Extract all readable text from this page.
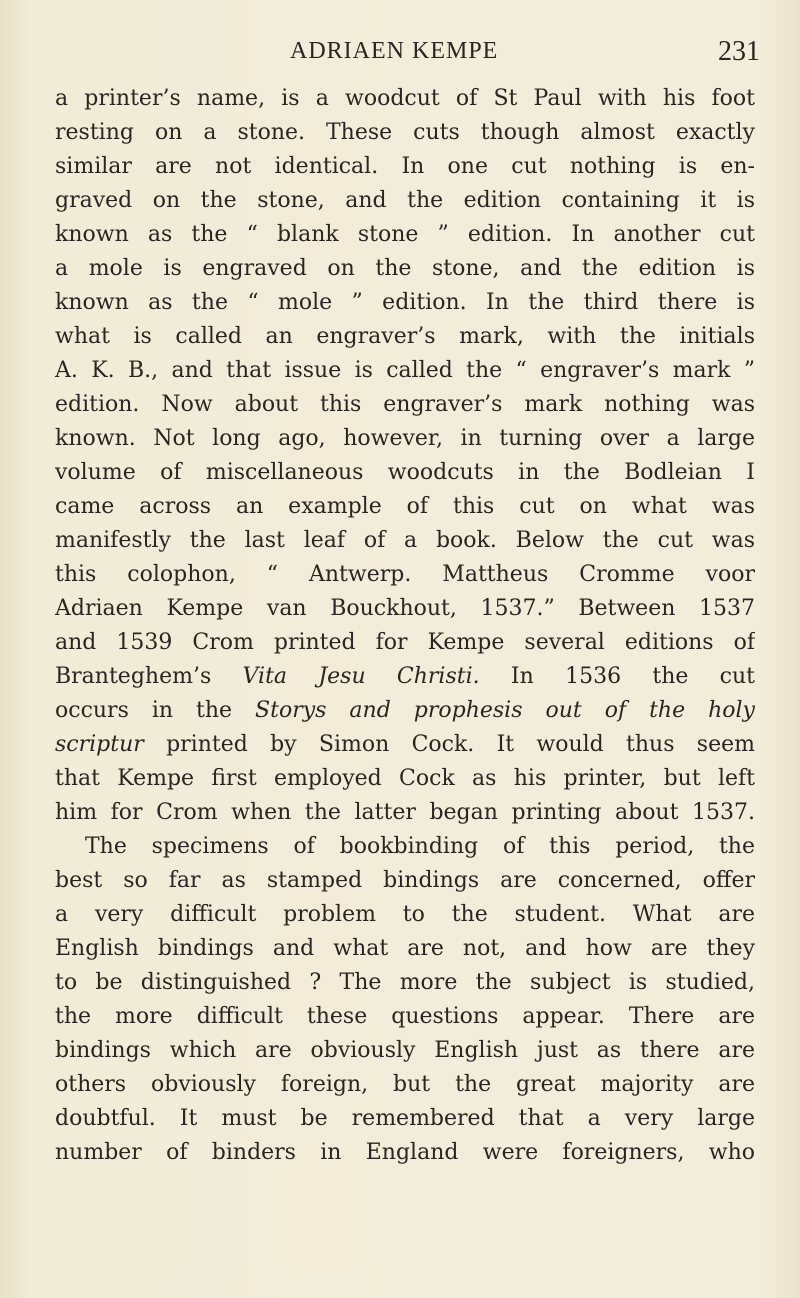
ADRIAEN KEMPE	231
a printer’s name, is a woodcut of St Paul with his foot
resting on a stone. These cuts though almost exactly
similar are not identical. In one cut nothing is en-
graved on the stone, and the edition containing it is
known as the “ blank stone ” edition. In another cut
a mole is engraved on the stone, and the edition is
known as the “ mole ” edition. In the third there is
what is called an engraver’s mark, with the initials
A. K. B., and that issue is called the “ engraver’s mark ”
edition. Now about this engraver’s mark nothing was
known. Not long ago, however, in turning over a large
volume of miscellaneous woodcuts in the Bodleian I
came across an example of this cut on what was
manifestly the last leaf of a book. Below the cut was
this colophon, “ Antwerp. Mattheus Cromme voor
Adriaen Kempe van Bouckhout, 1537.” Between 1537
and 1539 Crom printed for Kempe several editions of
Branteghem’s Vita Jesu Christi. In 1536 the cut
occurs in the Storys and prophesis out of the holy
scriptur printed by Simon Cock. It would thus seem
that Kempe first employed Cock as his printer, but left
him for Crom when the latter began printing about 1537.
The specimens of bookbinding of this period, the
best so far as stamped bindings are concerned, offer
a very difficult problem to the student. What are
English bindings and what are not, and how are they
to be distinguished ? The more the subject is studied,
the more difficult these questions appear. There are
bindings which are obviously English just as there are
others obviously foreign, but the great majority are
doubtful. It must be remembered that a very large
number of binders in England were foreigners, who
